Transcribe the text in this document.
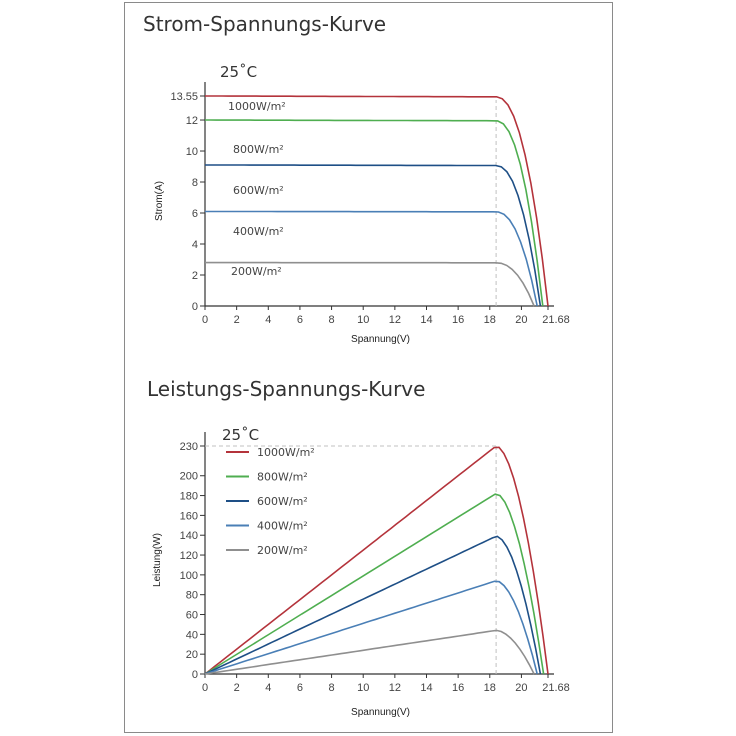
Strom-Spannungs-Kurve
Leistungs-Spannungs-Kurve
0
2
4
6
8
10
12
13.55
0 2 4 6 8 10 12 14 16 18 20 21.68
Spannung(V)
Strom(A)
25˚C
1000W/m²
800W/m²
600W/m²
400W/m²
200W/m²
0
20
40
60
80
100
120
140
160
180
200
230
0 2 4 6 8 10 12 14 16 18 20 21.68
Spannung(V)
Leistung(W)
25˚C
1000W/m²
800W/m²
600W/m²
400W/m²
200W/m²
